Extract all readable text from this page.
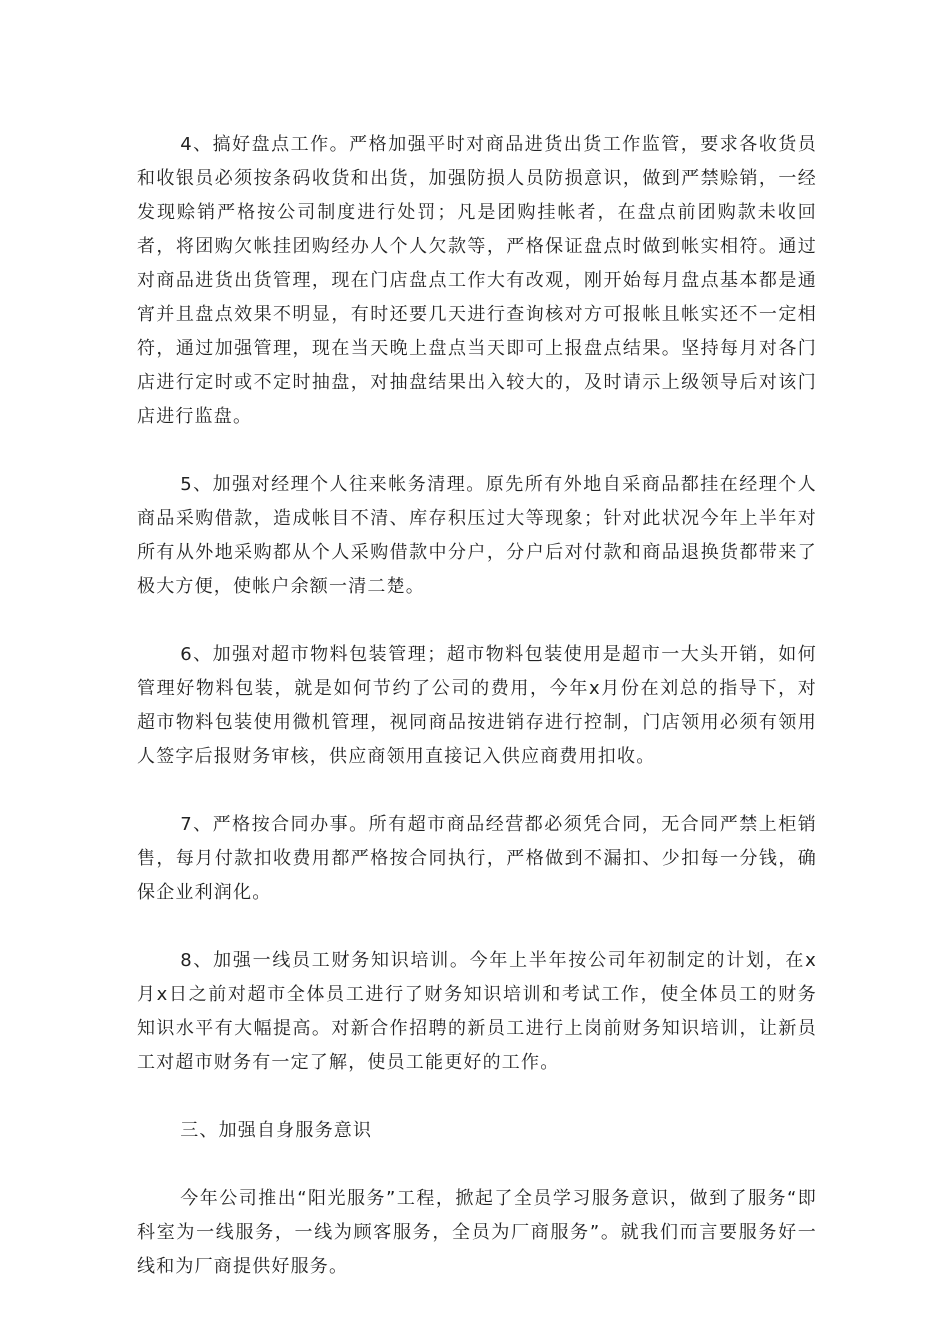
4、搞好盘点工作。严格加强平时对商品进货出货工作监管，要求各收货员和收银员必须按条码收货和出货，加强防损人员防损意识，做到严禁赊销，一经发现赊销严格按公司制度进行处罚；凡是团购挂帐者，在盘点前团购款未收回者，将团购欠帐挂团购经办人个人欠款等，严格保证盘点时做到帐实相符。通过对商品进货出货管理，现在门店盘点工作大有改观，刚开始每月盘点基本都是通宵并且盘点效果不明显，有时还要几天进行查询核对方可报帐且帐实还不一定相符，通过加强管理，现在当天晚上盘点当天即可上报盘点结果。坚持每月对各门店进行定时或不定时抽盘，对抽盘结果出入较大的，及时请示上级领导后对该门店进行监盘。

5、加强对经理个人往来帐务清理。原先所有外地自采商品都挂在经理个人商品采购借款，造成帐目不清、库存积压过大等现象；针对此状况今年上半年对所有从外地采购都从个人采购借款中分户，分户后对付款和商品退换货都带来了极大方便，使帐户余额一清二楚。

6、加强对超市物料包装管理；超市物料包装使用是超市一大头开销，如何管理好物料包装，就是如何节约了公司的费用，今年x月份在刘总的指导下，对超市物料包装使用微机管理，视同商品按进销存进行控制，门店领用必须有领用人签字后报财务审核，供应商领用直接记入供应商费用扣收。

7、严格按合同办事。所有超市商品经营都必须凭合同，无合同严禁上柜销售，每月付款扣收费用都严格按合同执行，严格做到不漏扣、少扣每一分钱，确保企业利润化。

8、加强一线员工财务知识培训。今年上半年按公司年初制定的计划，在x月x日之前对超市全体员工进行了财务知识培训和考试工作，使全体员工的财务知识水平有大幅提高。对新合作招聘的新员工进行上岗前财务知识培训，让新员工对超市财务有一定了解，使员工能更好的工作。

三、加强自身服务意识

今年公司推出“阳光服务”工程，掀起了全员学习服务意识，做到了服务“即科室为一线服务，一线为顾客服务，全员为厂商服务”。就我们而言要服务好一线和为厂商提供好服务。
